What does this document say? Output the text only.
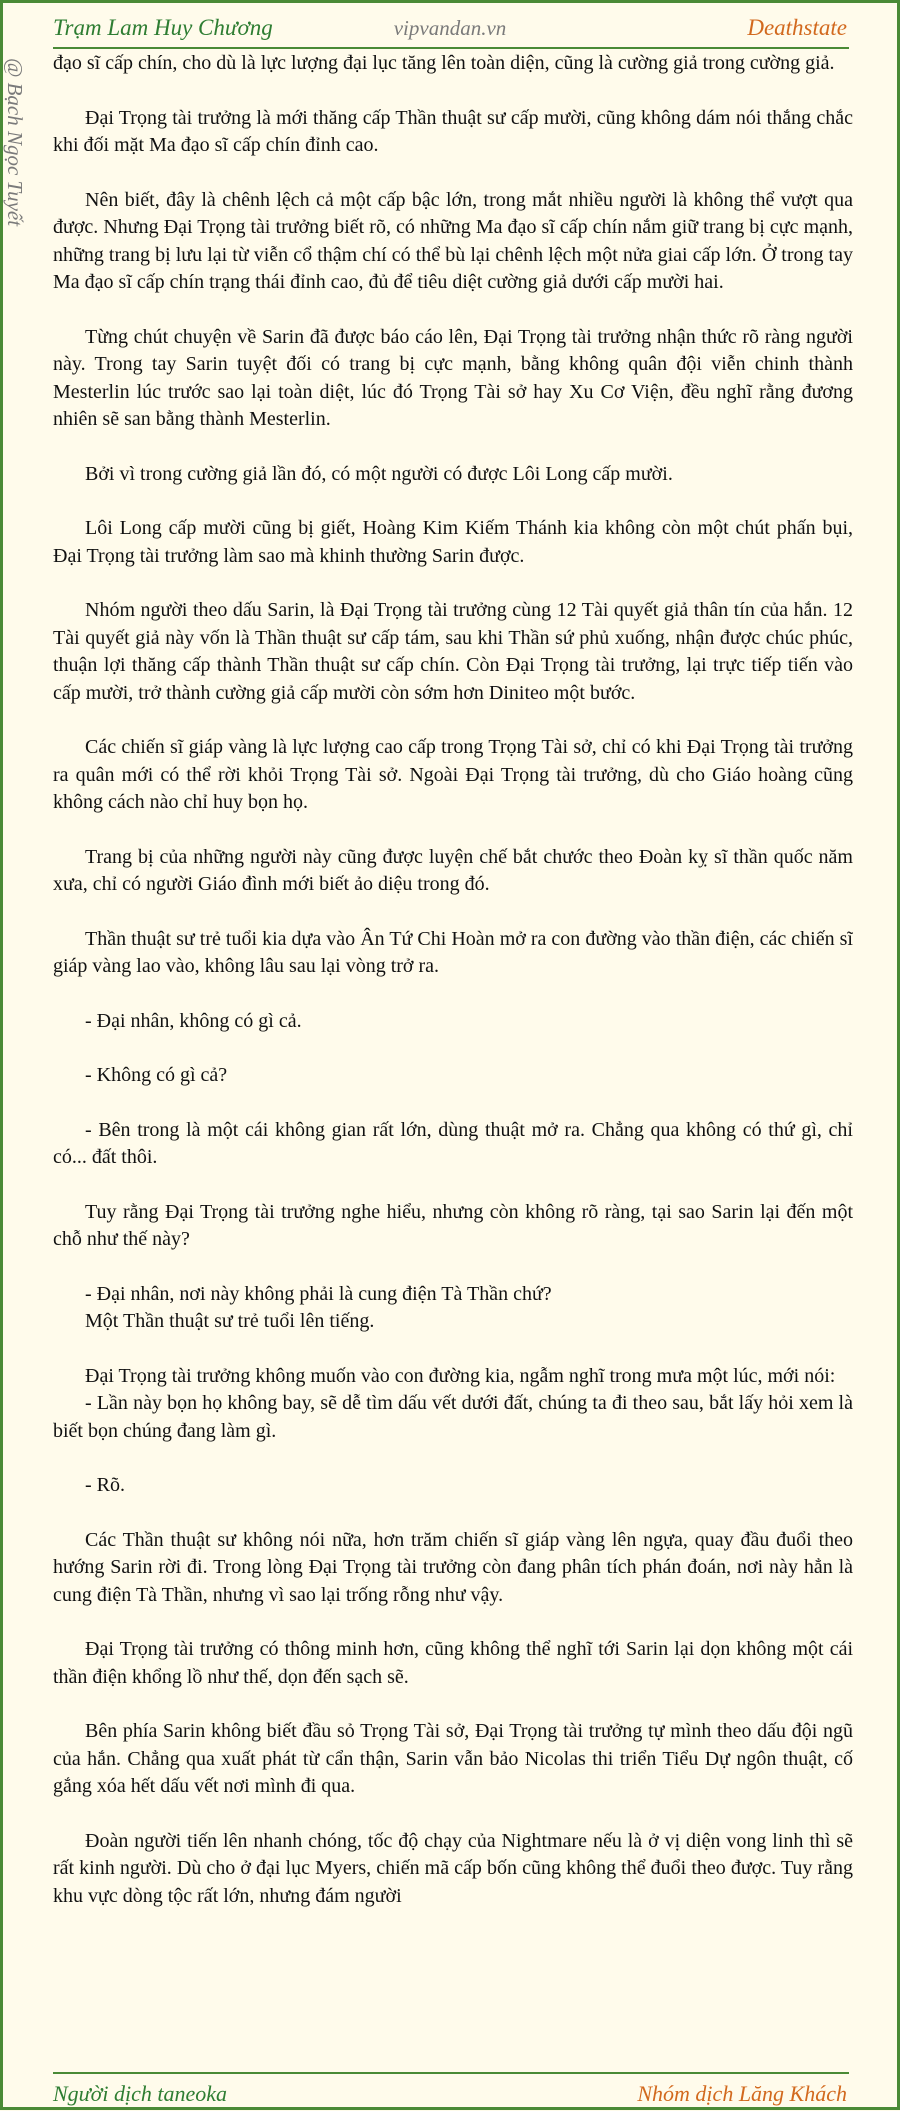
Trạm Lam Huy Chương	vipvandan.vn	Deathstate
@ Bạch Ngọc Tuyết đạo sĩ cấp chín, cho dù là lực lượng đại lục tăng lên toàn diện, cũng là cường giả trong cường giả.

Đại Trọng tài trưởng là mới thăng cấp Thần thuật sư cấp mười, cũng không dám nói thắng chắc khi đối mặt Ma đạo sĩ cấp chín đỉnh cao.

Nên biết, đây là chênh lệch cả một cấp bậc lớn, trong mắt nhiều người là không thể vượt qua được. Nhưng Đại Trọng tài trưởng biết rõ, có những Ma đạo sĩ cấp chín nắm giữ trang bị cực mạnh, những trang bị lưu lại từ viễn cổ thậm chí có thể bù lại chênh lệch một nửa giai cấp lớn. Ở trong tay Ma đạo sĩ cấp chín trạng thái đỉnh cao, đủ để tiêu diệt cường giả dưới cấp mười hai.

Từng chút chuyện về Sarin đã được báo cáo lên, Đại Trọng tài trưởng nhận thức rõ ràng người này. Trong tay Sarin tuyệt đối có trang bị cực mạnh, bằng không quân đội viễn chinh thành Mesterlin lúc trước sao lại toàn diệt, lúc đó Trọng Tài sở hay Xu Cơ Viện, đều nghĩ rằng đương nhiên sẽ san bằng thành Mesterlin.

Bởi vì trong cường giả lần đó, có một người có được Lôi Long cấp mười.

Lôi Long cấp mười cũng bị giết, Hoàng Kim Kiếm Thánh kia không còn một chút phấn bụi, Đại Trọng tài trưởng làm sao mà khinh thường Sarin được.

Nhóm người theo dấu Sarin, là Đại Trọng tài trưởng cùng 12 Tài quyết giả thân tín của hắn. 12 Tài quyết giả này vốn là Thần thuật sư cấp tám, sau khi Thần sứ phủ xuống, nhận được chúc phúc, thuận lợi thăng cấp thành Thần thuật sư cấp chín. Còn Đại Trọng tài trưởng, lại trực tiếp tiến vào cấp mười, trở thành cường giả cấp mười còn sớm hơn Diniteo một bước.

Các chiến sĩ giáp vàng là lực lượng cao cấp trong Trọng Tài sở, chỉ có khi Đại Trọng tài trưởng ra quân mới có thể rời khỏi Trọng Tài sở. Ngoài Đại Trọng tài trưởng, dù cho Giáo hoàng cũng không cách nào chỉ huy bọn họ.

Trang bị của những người này cũng được luyện chế bắt chước theo Đoàn kỵ sĩ thần quốc năm xưa, chỉ có người Giáo đình mới biết ảo diệu trong đó.

Thần thuật sư trẻ tuổi kia dựa vào Ân Tứ Chi Hoàn mở ra con đường vào thần điện, các chiến sĩ giáp vàng lao vào, không lâu sau lại vòng trở ra.

- Đại nhân, không có gì cả.

- Không có gì cả?

- Bên trong là một cái không gian rất lớn, dùng thuật mở ra. Chẳng qua không có thứ gì, chỉ có... đất thôi.

Tuy rằng Đại Trọng tài trưởng nghe hiểu, nhưng còn không rõ ràng, tại sao Sarin lại đến một chỗ như thế này?

- Đại nhân, nơi này không phải là cung điện Tà Thần chứ?

Một Thần thuật sư trẻ tuổi lên tiếng.

Đại Trọng tài trưởng không muốn vào con đường kia, ngẫm nghĩ trong mưa một lúc, mới nói:

- Lần này bọn họ không bay, sẽ dễ tìm dấu vết dưới đất, chúng ta đi theo sau, bắt lấy hỏi xem là biết bọn chúng đang làm gì.

- Rõ.

Các Thần thuật sư không nói nữa, hơn trăm chiến sĩ giáp vàng lên ngựa, quay đầu đuổi theo hướng Sarin rời đi. Trong lòng Đại Trọng tài trưởng còn đang phân tích phán đoán, nơi này hẳn là cung điện Tà Thần, nhưng vì sao lại trống rỗng như vậy.

Đại Trọng tài trưởng có thông minh hơn, cũng không thể nghĩ tới Sarin lại dọn không một cái thần điện khổng lồ như thế, dọn đến sạch sẽ.

Bên phía Sarin không biết đầu sỏ Trọng Tài sở, Đại Trọng tài trưởng tự mình theo dấu đội ngũ của hắn. Chẳng qua xuất phát từ cẩn thận, Sarin vẫn bảo Nicolas thi triển Tiểu Dự ngôn thuật, cố gắng xóa hết dấu vết nơi mình đi qua.

Đoàn người tiến lên nhanh chóng, tốc độ chạy của Nightmare nếu là ở vị diện vong linh thì sẽ rất kinh người. Dù cho ở đại lục Myers, chiến mã cấp bốn cũng không thể đuổi theo được. Tuy rằng khu vực dòng tộc rất lớn, nhưng đám người

Người dịch taneoka	Nhóm dịch Lăng Khách
